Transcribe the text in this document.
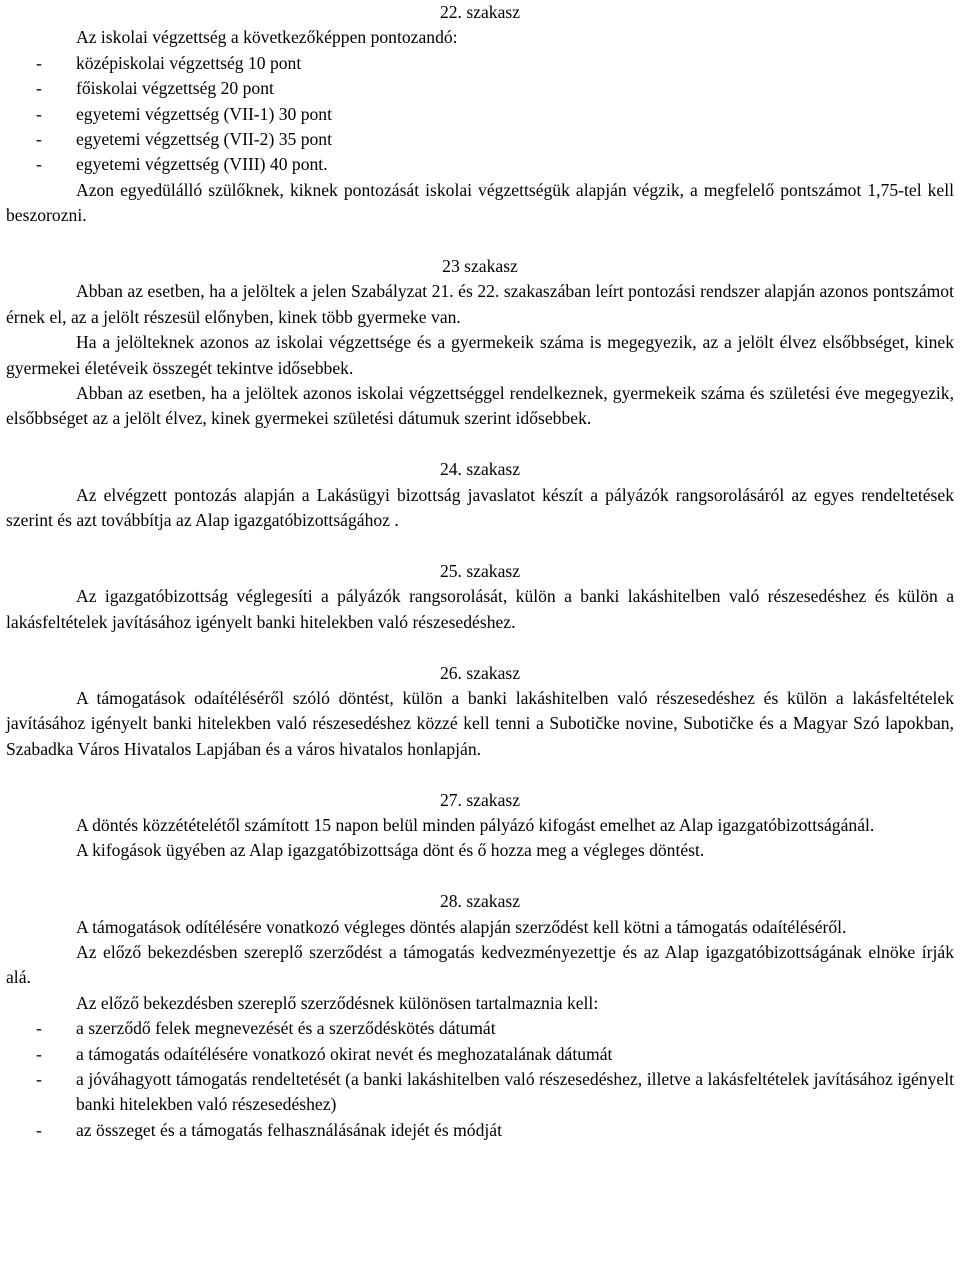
22. szakasz

Az iskolai végzettség a következőképpen pontozandó:

- középiskolai végzettség 10 pont

- főiskolai végzettség 20 pont

- egyetemi végzettség (VII-1) 30 pont

- egyetemi végzettség (VII-2) 35 pont

- egyetemi végzettség (VIII) 40 pont.

Azon egyedülálló szülőknek, kiknek pontozását iskolai végzettségük alapján végzik, a megfelelő pontszámot 1,75-tel kell beszorozni.

23 szakasz

Abban az esetben, ha a jelöltek a jelen Szabályzat 21. és 22. szakaszában leírt pontozási rendszer alapján azonos pontszámot érnek el, az a jelölt részesül előnyben, kinek több gyermeke van.

Ha a jelölteknek azonos az iskolai végzettsége és a gyermekeik száma is megegyezik, az a jelölt élvez elsőbbséget, kinek gyermekei életéveik összegét tekintve idősebbek.

Abban az esetben, ha a jelöltek azonos iskolai végzettséggel rendelkeznek, gyermekeik száma és születési éve megegyezik, elsőbbséget az a jelölt élvez, kinek gyermekei születési dátumuk szerint idősebbek.

24. szakasz

Az elvégzett pontozás alapján a Lakásügyi bizottság javaslatot készít a pályázók rangsorolásáról az egyes rendeltetések szerint és azt továbbítja az Alap igazgatóbizottságához .

25. szakasz

Az igazgatóbizottság véglegesíti a pályázók rangsorolását, külön a banki lakáshitelben való részesedéshez és külön a lakásfeltételek javításához igényelt banki hitelekben való részesedéshez.

26. szakasz

A támogatások odaítéléséről szóló döntést, külön a banki lakáshitelben való részesedéshez és külön a lakásfeltételek javításához igényelt banki hitelekben való részesedéshez közzé kell tenni a Subotičke novine, Subotičke és a Magyar Szó lapokban, Szabadka Város Hivatalos Lapjában és a város hivatalos honlapján.

27. szakasz

A döntés közzétételétől számított 15 napon belül minden pályázó kifogást emelhet az Alap igazgatóbizottságánál.

A kifogások ügyében az Alap igazgatóbizottsága dönt és ő hozza meg a végleges döntést.

28. szakasz

A támogatások odítélésére vonatkozó végleges döntés alapján szerződést kell kötni a támogatás odaítéléséről.

Az előző bekezdésben szereplő szerződést a támogatás kedvezményezettje és az Alap igazgatóbizottságának elnöke írják alá.

Az előző bekezdésben szereplő szerződésnek különösen tartalmaznia kell:

- a szerződő felek megnevezését és a szerződéskötés dátumát

- a támogatás odaítélésére vonatkozó okirat nevét és meghozatalának dátumát

- a jóváhagyott támogatás rendeltetését (a banki lakáshitelben való részesedéshez, illetve a lakásfeltételek javításához igényelt banki hitelekben való részesedéshez)

- az összeget és a támogatás felhasználásának idejét és módját
